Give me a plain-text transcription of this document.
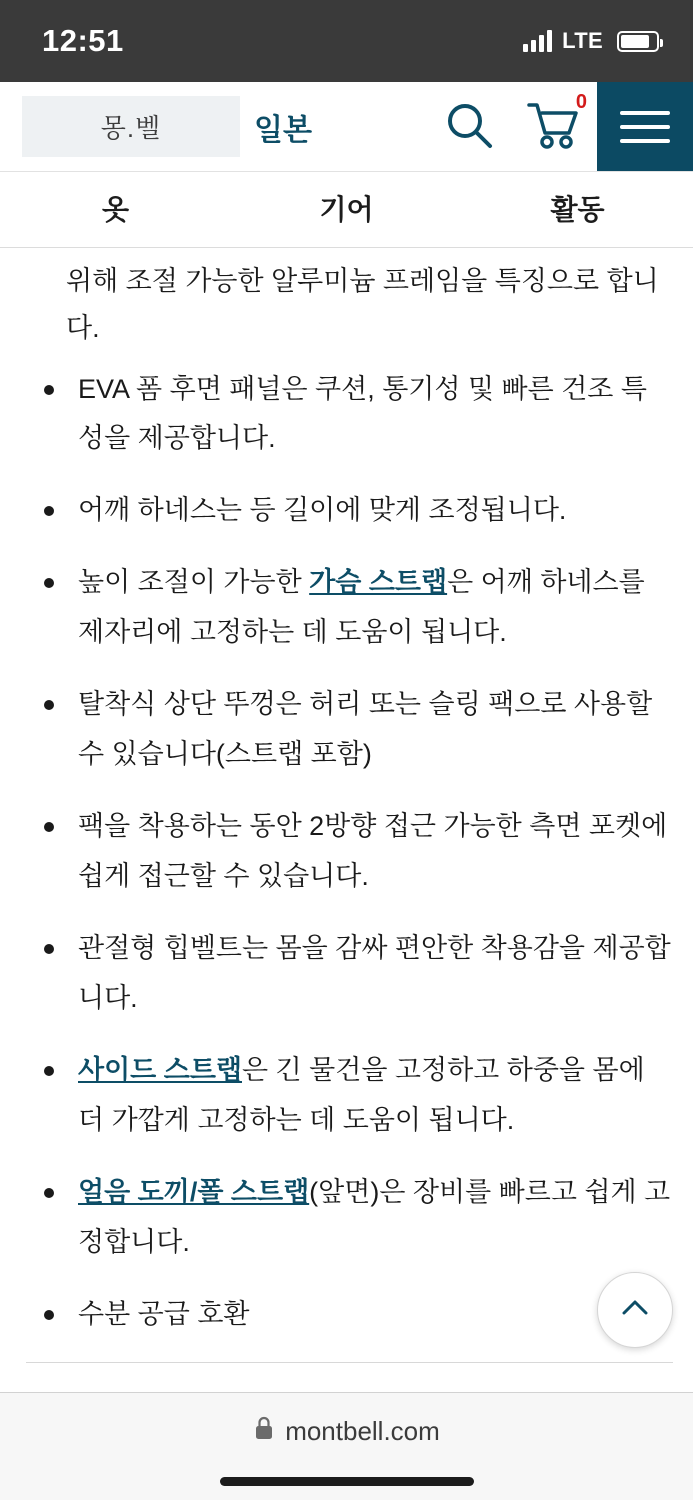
12:51	LTE
몽.벨	일본
0
옷	기어	활동
위해 조절 가능한 알루미늄 프레임을 특징으로 합니다.
EVA 폼 후면 패널은 쿠션, 통기성 및 빠른 건조 특성을 제공합니다.
어깨 하네스는 등 길이에 맞게 조정됩니다.
높이 조절이 가능한 가슴 스트랩은 어깨 하네스를 제자리에 고정하는 데 도움이 됩니다.
탈착식 상단 뚜껑은 허리 또는 슬링 팩으로 사용할 수 있습니다(스트랩 포함)
팩을 착용하는 동안 2방향 접근 가능한 측면 포켓에 쉽게 접근할 수 있습니다.
관절형 힙벨트는 몸을 감싸 편안한 착용감을 제공합니다.
사이드 스트랩은 긴 물건을 고정하고 하중을 몸에 더 가깝게 고정하는 데 도움이 됩니다.
얼음 도끼/폴 스트랩(앞면)은 장비를 빠르고 쉽게 고정합니다.
수분 공급 호환
montbell.com
